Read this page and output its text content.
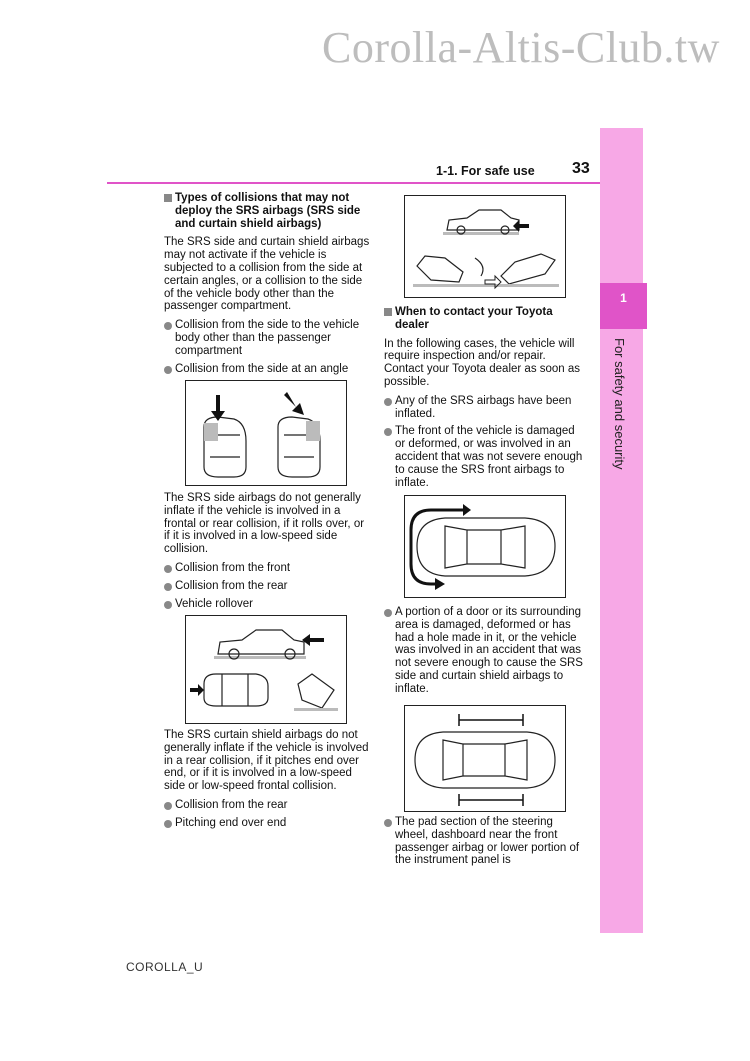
Corolla-Altis-Club.tw
1
For safety and security
1-1. For safe use 33
Types of collisions that may not deploy the SRS airbags (SRS side and curtain shield airbags)

The SRS side and curtain shield airbags may not activate if the vehicle is subjected to a collision from the side at certain angles, or a collision to the side of the vehicle body other than the passenger compartment.

Collision from the side to the vehicle body other than the passenger compartment
Collision from the side at an angle

The SRS side airbags do not generally inflate if the vehicle is involved in a frontal or rear collision, if it rolls over, or if it is involved in a low-speed side collision.

Collision from the front
Collision from the rear
Vehicle rollover

The SRS curtain shield airbags do not generally inflate if the vehicle is involved in a rear collision, if it pitches end over end, or if it is involved in a low-speed side or low-speed frontal collision.

Collision from the rear
Pitching end over end
When to contact your Toyota dealer

In the following cases, the vehicle will require inspection and/or repair. Contact your Toyota dealer as soon as possible.

Any of the SRS airbags have been inflated.
The front of the vehicle is damaged or deformed, or was involved in an accident that was not severe enough to cause the SRS front airbags to inflate.
A portion of a door or its surrounding area is damaged, deformed or has had a hole made in it, or the vehicle was involved in an accident that was not severe enough to cause the SRS side and curtain shield airbags to inflate.
The pad section of the steering wheel, dashboard near the front passenger airbag or lower portion of the instrument panel is
COROLLA_U
